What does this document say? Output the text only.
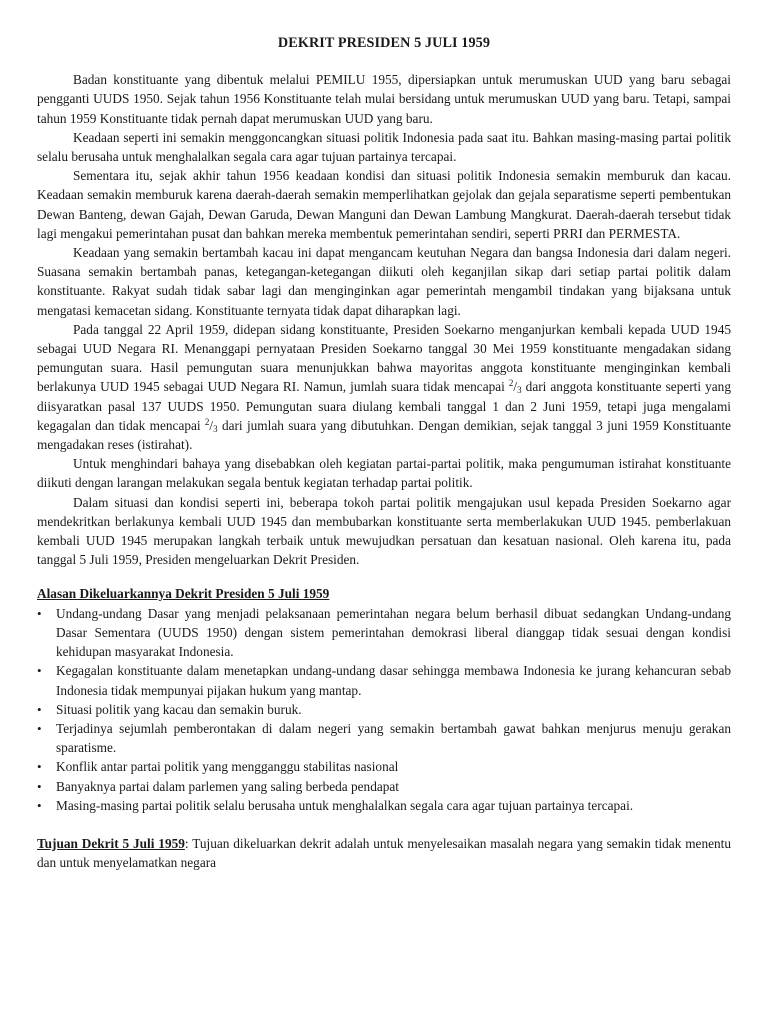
DEKRIT PRESIDEN 5 JULI 1959

Badan konstituante yang dibentuk melalui PEMILU 1955, dipersiapkan untuk merumuskan UUD yang baru sebagai pengganti UUDS 1950. Sejak tahun 1956 Konstituante telah mulai bersidang untuk merumuskan UUD yang baru. Tetapi, sampai tahun 1959 Konstituante tidak pernah dapat merumuskan UUD yang baru.

Keadaan seperti ini semakin menggoncangkan situasi politik Indonesia pada saat itu. Bahkan masing-masing partai politik selalu berusaha untuk menghalalkan segala cara agar tujuan partainya tercapai.

Sementara itu, sejak akhir tahun 1956 keadaan kondisi dan situasi politik Indonesia semakin memburuk dan kacau. Keadaan semakin memburuk karena daerah-daerah semakin memperlihatkan gejolak dan gejala separatisme seperti pembentukan Dewan Banteng, dewan Gajah, Dewan Garuda, Dewan Manguni dan Dewan Lambung Mangkurat. Daerah-daerah tersebut tidak lagi mengakui pemerintahan pusat dan bahkan mereka membentuk pemerintahan sendiri, seperti PRRI dan PERMESTA.

Keadaan yang semakin bertambah kacau ini dapat mengancam keutuhan Negara dan bangsa Indonesia dari dalam negeri. Suasana semakin bertambah panas, ketegangan-ketegangan diikuti oleh keganjilan sikap dari setiap partai politik dalam konstituante. Rakyat sudah tidak sabar lagi dan menginginkan agar pemerintah mengambil tindakan yang bijaksana untuk mengatasi kemacetan sidang. Konstituante ternyata tidak dapat diharapkan lagi.

Pada tanggal 22 April 1959, didepan sidang konstituante, Presiden Soekarno menganjurkan kembali kepada UUD 1945 sebagai UUD Negara RI. Menanggapi pernyataan Presiden Soekarno tanggal 30 Mei 1959 konstituante mengadakan sidang pemungutan suara. Hasil pemungutan suara menunjukkan bahwa mayoritas anggota konstituante menginginkan kembali berlakunya UUD 1945 sebagai UUD Negara RI. Namun, jumlah suara tidak mencapai $^2/_3$ dari anggota konstituante seperti yang diisyaratkan pasal 137 UUDS 1950. Pemungutan suara diulang kembali tanggal 1 dan 2 Juni 1959, tetapi juga mengalami kegagalan dan tidak mencapai $^2/_3$ dari jumlah suara yang dibutuhkan. Dengan demikian, sejak tanggal 3 juni 1959 Konstituante mengadakan reses (istirahat).

Untuk menghindari bahaya yang disebabkan oleh kegiatan partai-partai politik, maka pengumuman istirahat konstituante diikuti dengan larangan melakukan segala bentuk kegiatan terhadap partai politik.

Dalam situasi dan kondisi seperti ini, beberapa tokoh partai politik mengajukan usul kepada Presiden Soekarno agar mendekritkan berlakunya kembali UUD 1945 dan membubarkan konstituante serta memberlakukan UUD 1945. pemberlakuan kembali UUD 1945 merupakan langkah terbaik untuk mewujudkan persatuan dan kesatuan nasional. Oleh karena itu, pada tanggal 5 Juli 1959, Presiden mengeluarkan Dekrit Presiden.

Alasan Dikeluarkannya Dekrit Presiden 5 Juli 1959
• Undang-undang Dasar yang menjadi pelaksanaan pemerintahan negara belum berhasil dibuat sedangkan Undang-undang Dasar Sementara (UUDS 1950) dengan sistem pemerintahan demokrasi liberal dianggap tidak sesuai dengan kondisi kehidupan masyarakat Indonesia.
• Kegagalan konstituante dalam menetapkan undang-undang dasar sehingga membawa Indonesia ke jurang kehancuran sebab Indonesia tidak mempunyai pijakan hukum yang mantap.
• Situasi politik yang kacau dan semakin buruk.
• Terjadinya sejumlah pemberontakan di dalam negeri yang semakin bertambah gawat bahkan menjurus menuju gerakan sparatisme.
• Konflik antar partai politik yang mengganggu stabilitas nasional
• Banyaknya partai dalam parlemen yang saling berbeda pendapat
• Masing-masing partai politik selalu berusaha untuk menghalalkan segala cara agar tujuan partainya tercapai.

Tujuan Dekrit 5 Juli 1959: Tujuan dikeluarkan dekrit adalah untuk menyelesaikan masalah negara yang semakin tidak menentu dan untuk menyelamatkan negara
